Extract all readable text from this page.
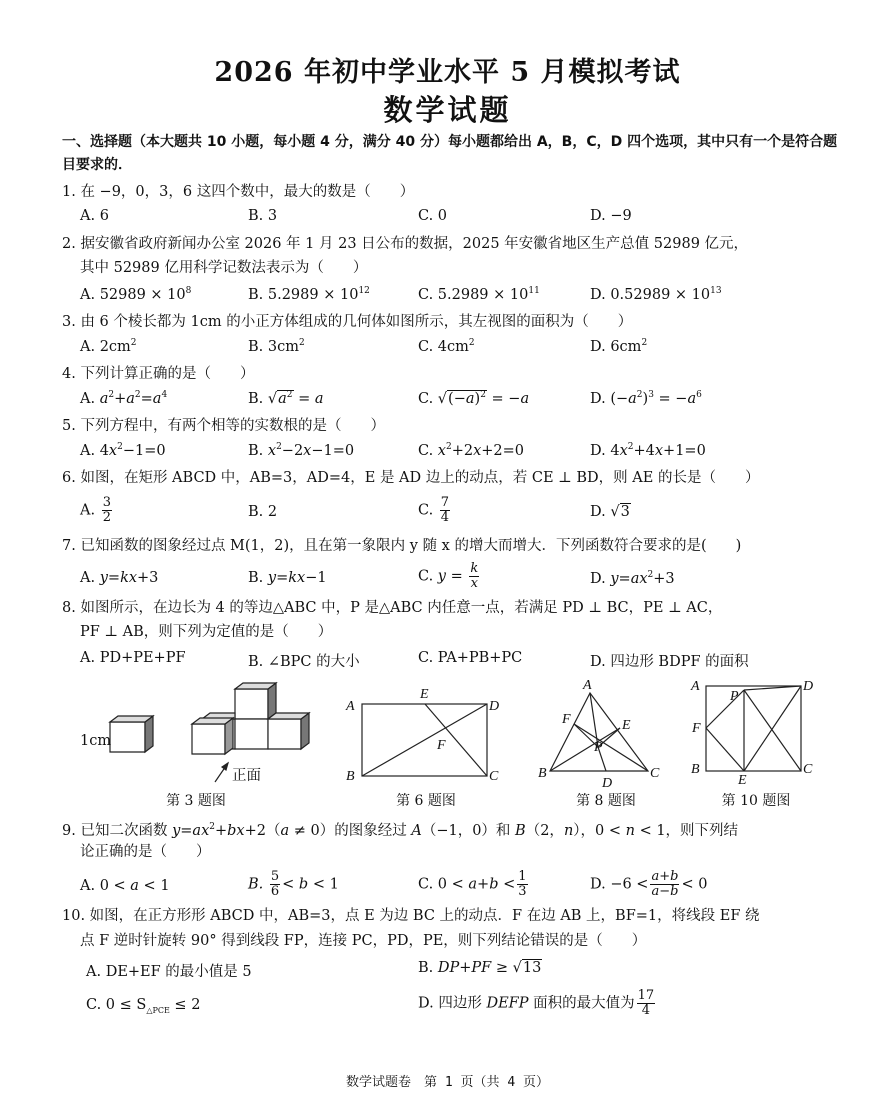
2026 年初中学业水平 5 月模拟考试
数学试题
一、选择题（本大题共 10 小题，每小题 4 分，满分 40 分）每小题都给出 A，B，C，D 四个选项，其中只有一个是符合题目要求的．
1. 在 −9，0，3，6 这四个数中，最大的数是（　　）
A. 6	B. 3	C. 0	D. −9
2. 据安徽省政府新闻办公室 2026 年 1 月 23 日公布的数据，2025 年安徽省地区生产总值 52989 亿元，
其中 52989 亿用科学记数法表示为（　　）
A. $52989 \times 10^8$	B. $5.2989 \times 10^{12}$	C. $5.2989 \times 10^{11}$	D. $0.52989 \times 10^{13}$
3. 由 6 个棱长都为 1cm 的小正方体组成的几何体如图所示，其左视图的面积为（　　）
A. $2cm^2$	B. $3cm^2$	C. $4cm^2$	D. $6cm^2$
4. 下列计算正确的是（　　）
A. $a^2+a^2=a^4$	B. $√a^2 = a$	C. $√(-a)^2 = -a$	D. $(-a^2)^3 = -a^6$
5. 下列方程中，有两个相等的实数根的是（　　）
A. $4x^2-1=0$	B. $x^2-2x-1=0$	C. $x^2+2x+2=0$	D. $4x^2+4x+1=0$
6. 如图，在矩形 ABCD 中，AB=3，AD=4，E 是 AD 边上的动点，若 CE ⊥ BD，则 AE 的长是（　　）
A. $\frac{3}{2}$	B. 2	C. $\frac{7}{4}$	D. √3
7. 已知函数的图象经过点 M(1，2)，且在第一象限内 y 随 x 的增大而增大．下列函数符合要求的是(　　)
A. y=kx+3	B. y=kx−1	C. $y = \frac{k}{x}$	D. $y=ax^2+3$
8. 如图所示，在边长为 4 的等边△ABC 中，P 是△ABC 内任意一点，若满足 PD ⊥ BC，PE ⊥ AC，
PF ⊥ AB，则下列为定值的是（　　）
A. PD+PE+PF	B. ∠BPC 的大小	C. PA+PB+PC	D. 四边形 BDPF 的面积
1cm
正面
A	D
B	C
E
F
A
B	C
D
E
F
P
A	D
B	C
E
F
P
第 3 题图	第 6 题图	第 8 题图	第 10 题图
9. 已知二次函数 $y=ax^2+bx+2(a \ne 0)$的图象经过 A（−1，0）和 B（2，n），0 < n < 1，则下列结
论正确的是（　　）
A. 0 < a < 1	B. $\frac{5}{6} < b < 1$	C. $0 < a+b < \frac{1}{3}$	D. $-6 < \frac{a+b}{a-b} < 0$
10. 如图，在正方形形 ABCD 中，AB=3，点 E 为边 BC 上的动点．F 在边 AB 上，BF=1，将线段 EF 绕
点 F 逆时针旋转 90° 得到线段 FP，连接 PC，PD，PE，则下列结论错误的是（　　）
A. DE+EF 的最小值是 5	B. DP+PF ≥ √13
C. $0 \le S_{\triangle PCE} \le 2$	D. 四边形 DEFP 面积的最大值为 $\frac{17}{4}$
数学试题卷　第 1 页（共 4 页）
